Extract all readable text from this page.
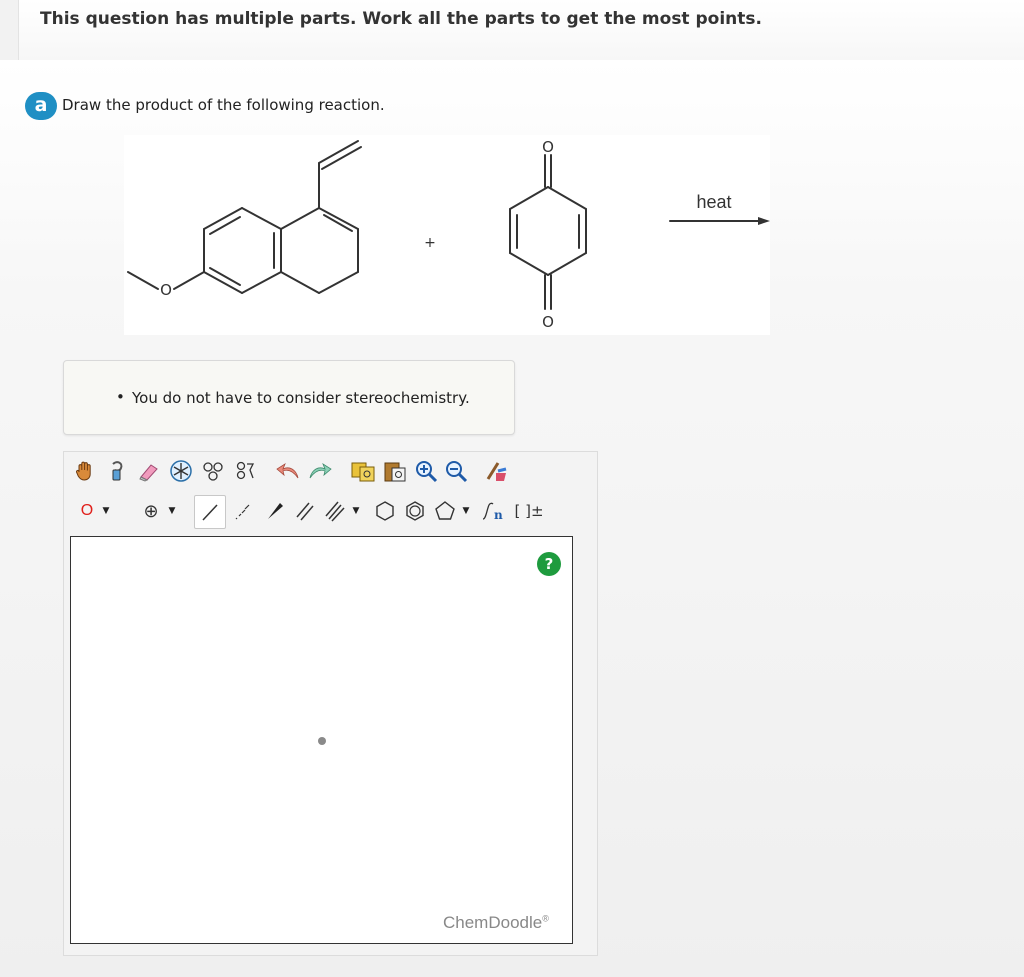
This question has multiple parts. Work all the parts to get the most points.
a Draw the product of the following reaction.
O
O
O
+
heat
• You do not have to consider stereochemistry.
O	▼	⊕	▼	▼	▼ n [ ]±
?
ChemDoodle®
